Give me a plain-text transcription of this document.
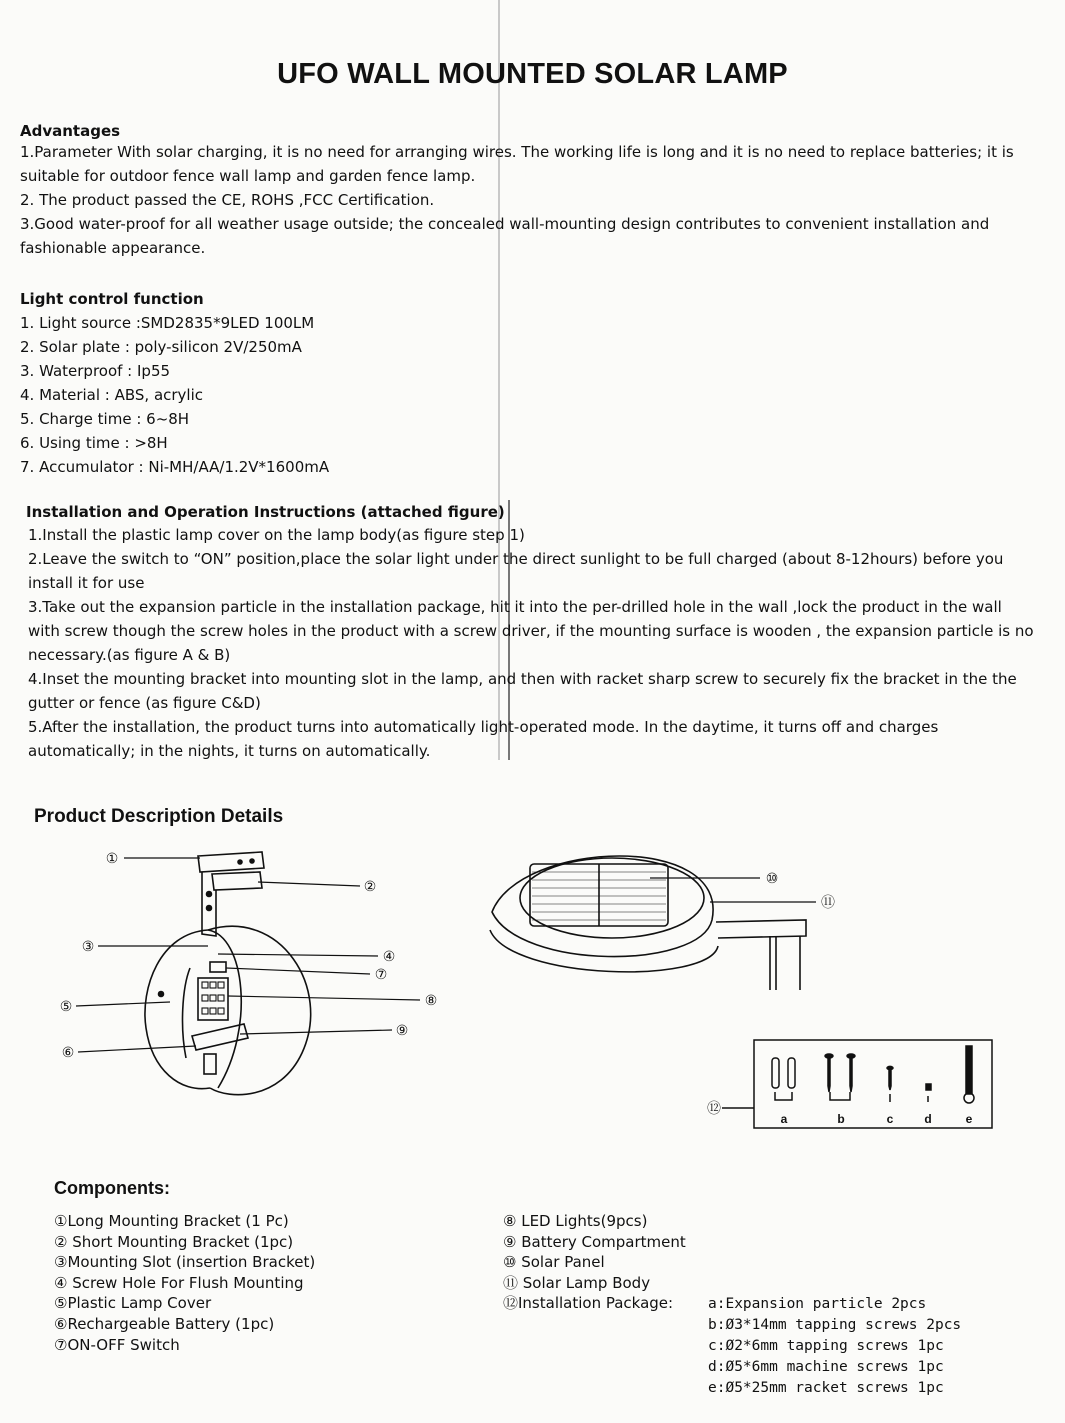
UFO WALL MOUNTED SOLAR LAMP
Advantages

1.Parameter With solar charging, it is no need for arranging wires. The working life is long and it is no need to replace batteries; it is suitable for outdoor fence wall lamp and garden fence lamp.

2. The product passed the CE, ROHS ,FCC Certification.

3.Good water-proof for all weather usage outside; the concealed wall-mounting design contributes to convenient installation and fashionable appearance.

Light control function
1. Light source :SMD2835*9LED 100LM
2. Solar plate : poly-silicon 2V/250mA
3. Waterproof : Ip55
4. Material : ABS, acrylic
5. Charge time : 6~8H
6. Using time : >8H
7. Accumulator : Ni-MH/AA/1.2V*1600mA
Installation and Operation Instructions (attached figure)

1.Install the plastic lamp cover on the lamp body(as figure step 1)

2.Leave the switch to “ON” position,place the solar light under the direct sunlight to be full charged (about 8-12hours) before you install it for use

3.Take out the expansion particle in the installation package, hit it into the per-drilled hole in the wall ,lock the product in the wall with screw though the screw holes in the product with a screw driver, if the mounting surface is wooden , the expansion particle is no necessary.(as figure A & B)

4.Inset the mounting bracket into mounting slot in the lamp, and then with racket sharp screw to securely fix the bracket in the the gutter or fence (as figure C&D)

5.After the installation, the product turns into automatically light-operated mode. In the daytime, it turns off and charges automatically; in the nights, it turns on automatically.

Product Description Details
①
②
③
④
⑦
⑧
⑨
⑤
⑥
⑩
⑪
⑫
a	b	c	d	e
Components:
①Long Mounting Bracket (1 Pc)
② Short Mounting Bracket (1pc)
③Mounting Slot (insertion Bracket)
④ Screw Hole For Flush Mounting
⑤Plastic Lamp Cover
⑥Rechargeable Battery (1pc)
⑦ON-OFF Switch
⑧ LED Lights(9pcs)
⑨ Battery Compartment
⑩ Solar Panel
⑪ Solar Lamp Body
⑫Installation Package:	a:Expansion particle 2pcs
b:Ø3*14mm tapping screws 2pcs
c:Ø2*6mm tapping screws 1pc
d:Ø5*6mm machine screws 1pc
e:Ø5*25mm racket screws 1pc
